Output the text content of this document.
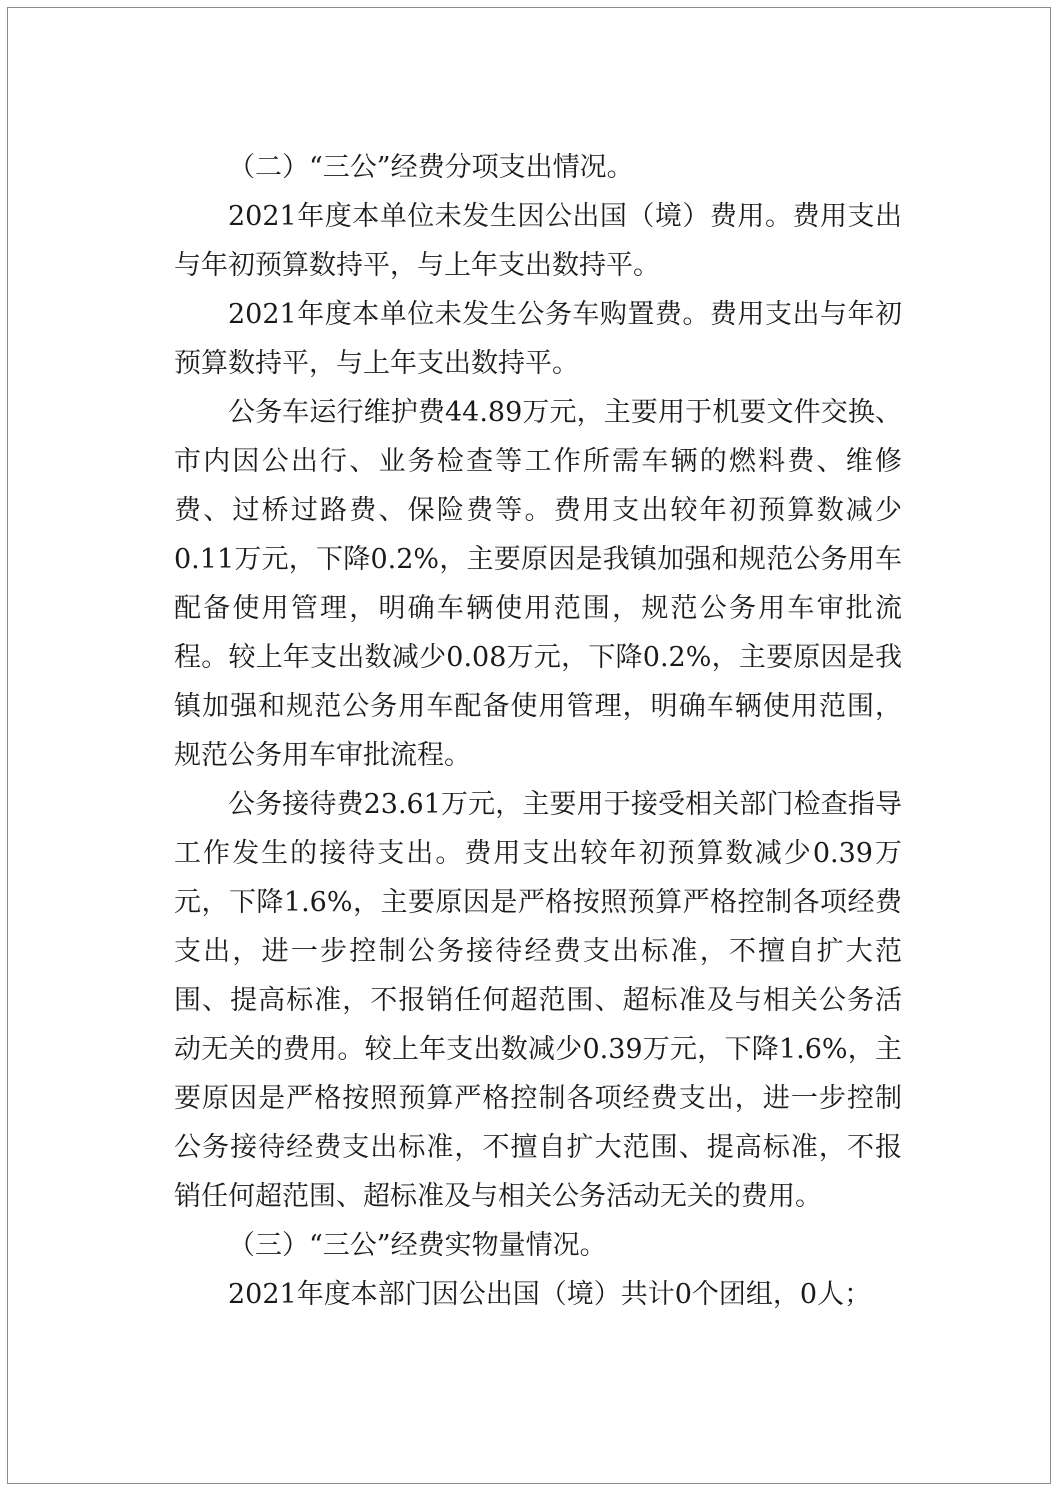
（二）“三公”经费分项支出情况。

2021年度本单位未发生因公出国（境）费用。费用支出与年初预算数持平，与上年支出数持平。

2021年度本单位未发生公务车购置费。费用支出与年初预算数持平，与上年支出数持平。

公务车运行维护费44.89万元，主要用于机要文件交换、市内因公出行、业务检查等工作所需车辆的燃料费、维修费、过桥过路费、保险费等。费用支出较年初预算数减少0.11万元，下降0.2%，主要原因是我镇加强和规范公务用车配备使用管理，明确车辆使用范围，规范公务用车审批流程。较上年支出数减少0.08万元，下降0.2%，主要原因是我镇加强和规范公务用车配备使用管理，明确车辆使用范围，规范公务用车审批流程。

公务接待费23.61万元，主要用于接受相关部门检查指导工作发生的接待支出。费用支出较年初预算数减少0.39万元，下降1.6%，主要原因是严格按照预算严格控制各项经费支出，进一步控制公务接待经费支出标准，不擅自扩大范围、提高标准，不报销任何超范围、超标准及与相关公务活动无关的费用。较上年支出数减少0.39万元，下降1.6%，主要原因是严格按照预算严格控制各项经费支出，进一步控制公务接待经费支出标准，不擅自扩大范围、提高标准，不报销任何超范围、超标准及与相关公务活动无关的费用。

（三）“三公”经费实物量情况。

2021年度本部门因公出国（境）共计0个团组，0人；
